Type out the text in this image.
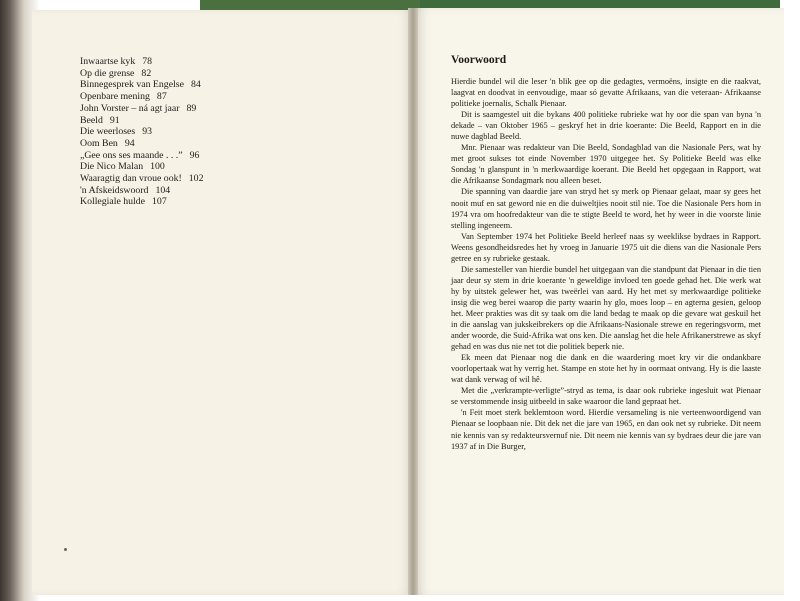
Inwaartse kyk 78
Op die grense 82
Binnegesprek van Engelse 84
Openbare mening 87
John Vorster – ná agt jaar 89
Beeld 91
Die weerloses 93
Oom Ben 94
„Gee ons ses maande . . .” 96
Die Nico Malan 100
Waaragtig dan vroue ook! 102
'n Afskeidswoord 104
Kollegiale hulde 107
Voorwoord

Hierdie bundel wil die leser 'n blik gee op die gedagtes, vermoëns, insigte en die raakvat, laagvat en doodvat in eenvoudige, maar só gevatte Afrikaans, van die veteraan- Afrikaanse politieke joernalis, Schalk Pienaar.

Dit is saamgestel uit die bykans 400 politieke rubrieke wat hy oor die span van byna 'n dekade – van Oktober 1965 – geskryf het in drie koerante: Die Beeld, Rapport en in die nuwe dagblad Beeld.

Mnr. Pienaar was redakteur van Die Beeld, Sondagblad van die Nasionale Pers, wat hy met groot sukses tot einde November 1970 uitgegee het. Sy Politieke Beeld was elke Sondag 'n glanspunt in 'n merkwaardige koerant. Die Beeld het opgegaan in Rapport, wat die Afrikaanse Sondagmark nou alleen beset.

Die spanning van daardie jare van stryd het sy merk op Pienaar gelaat, maar sy gees het nooit muf en sat geword nie en die duiweltjies nooit stil nie. Toe die Nasionale Pers hom in 1974 vra om hoofredakteur van die te stigte Beeld te word, het hy weer in die voorste linie stelling ingeneem.

Van September 1974 het Politieke Beeld herleef naas sy weeklikse bydraes in Rapport. Weens gesondheidsredes het hy vroeg in Januarie 1975 uit die diens van die Nasionale Pers getree en sy rubrieke gestaak.

Die samesteller van hierdie bundel het uitgegaan van die standpunt dat Pienaar in die tien jaar deur sy stem in drie koerante 'n geweldige invloed ten goede gehad het. Die werk wat hy by uitstek gelewer het, was tweërlei van aard. Hy het met sy merkwaardige politieke insig die weg berei waarop die party waarin hy glo, moes loop – en agterna gesien, geloop het. Meer prakties was dit sy taak om die land bedag te maak op die gevare wat geskuil het in die aanslag van jukskeibrekers op die Afrikaans-Nasionale strewe en regeringsvorm, met ander woorde, die Suid-Afrika wat ons ken. Die aanslag het die hele Afrikanerstrewe as skyf gehad en was dus nie net tot die politiek beperk nie.

Ek meen dat Pienaar nog die dank en die waardering moet kry vir die ondankbare voorlopertaak wat hy verrig het. Stampe en stote het hy in oormaat ontvang. Hy is die laaste wat dank verwag of wil hê.

Met die „verkrampte-verligte”-stryd as tema, is daar ook rubrieke ingesluit wat Pienaar se verstommende insig uitbeeld in sake waaroor die land gepraat het.

'n Feit moet sterk beklemtoon word. Hierdie versameling is nie verteenwoordigend van Pienaar se loopbaan nie. Dit dek net die jare van 1965, en dan ook net sy rubrieke. Dit neem nie kennis van sy redakteursvernuf nie. Dit neem nie kennis van sy bydraes deur die jare van 1937 af in Die Burger,
